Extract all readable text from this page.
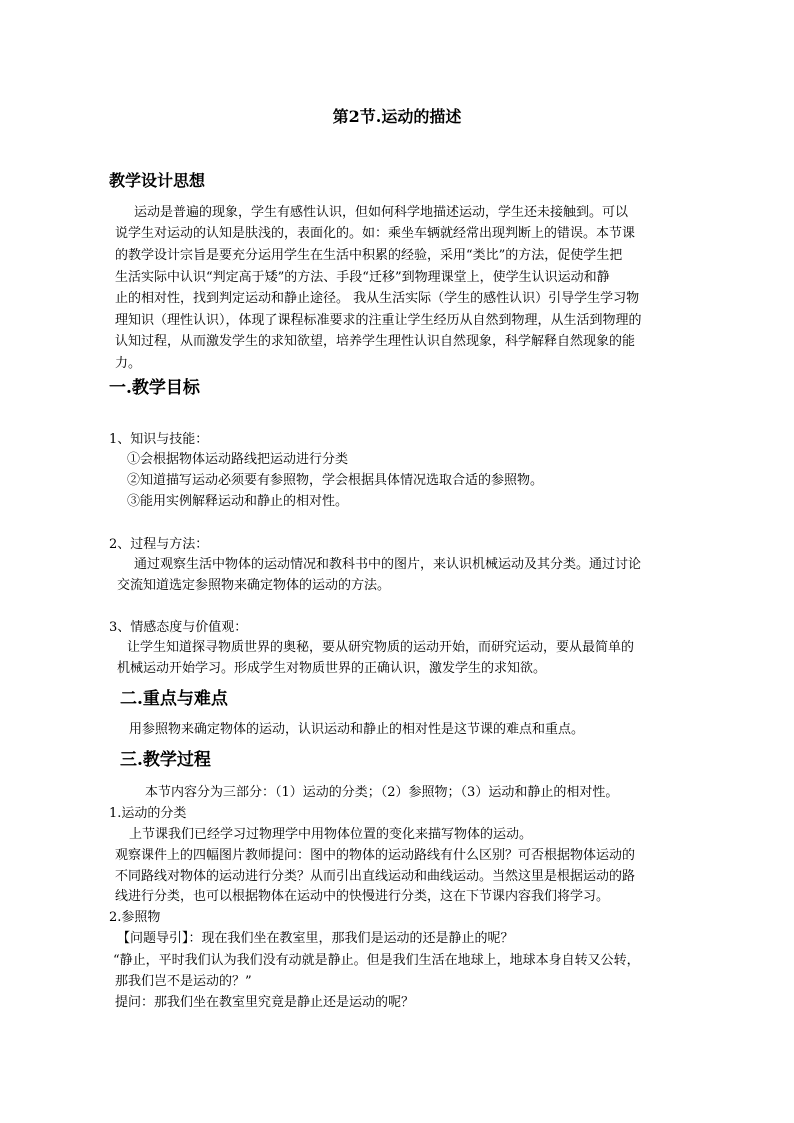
第2节.运动的描述
教学设计思想
运动是普遍的现象，学生有感性认识，但如何科学地描述运动，学生还未接触到。可以
说学生对运动的认知是肤浅的，表面化的。如：乘坐车辆就经常出现判断上的错误。本节课
的教学设计宗旨是要充分运用学生在生活中积累的经验，采用“类比”的方法，促使学生把
生活实际中认识“判定高于矮”的方法、手段“迁移”到物理课堂上，使学生认识运动和静
止的相对性，找到判定运动和静止途径。 我从生活实际（学生的感性认识）引导学生学习物
理知识（理性认识），体现了课程标准要求的注重让学生经历从自然到物理，从生活到物理的
认知过程，从而激发学生的求知欲望，培养学生理性认识自然现象，科学解释自然现象的能
力。
一.教学目标
1、知识与技能：
①会根据物体运动路线把运动进行分类
②知道描写运动必须要有参照物，学会根据具体情况选取合适的参照物。
③能用实例解释运动和静止的相对性。
2、过程与方法：
通过观察生活中物体的运动情况和教科书中的图片，来认识机械运动及其分类。通过讨论
交流知道选定参照物来确定物体的运动的方法。
3、情感态度与价值观：
让学生知道探寻物质世界的奥秘，要从研究物质的运动开始，而研究运动，要从最简单的
机械运动开始学习。形成学生对物质世界的正确认识，激发学生的求知欲。
二.重点与难点
用参照物来确定物体的运动，认识运动和静止的相对性是这节课的难点和重点。
三.教学过程
本节内容分为三部分：（1）运动的分类；（2）参照物；（3）运动和静止的相对性。
1.运动的分类
上节课我们已经学习过物理学中用物体位置的变化来描写物体的运动。
观察课件上的四幅图片教师提问：图中的物体的运动路线有什么区别？可否根据物体运动的
不同路线对物体的运动进行分类？从而引出直线运动和曲线运动。当然这里是根据运动的路
线进行分类，也可以根据物体在运动中的快慢进行分类，这在下节课内容我们将学习。
2.参照物
【问题导引】：现在我们坐在教室里，那我们是运动的还是静止的呢？
“静止，平时我们认为我们没有动就是静止。但是我们生活在地球上，地球本身自转又公转，
那我们岂不是运动的？”
提问：那我们坐在教室里究竟是静止还是运动的呢？
